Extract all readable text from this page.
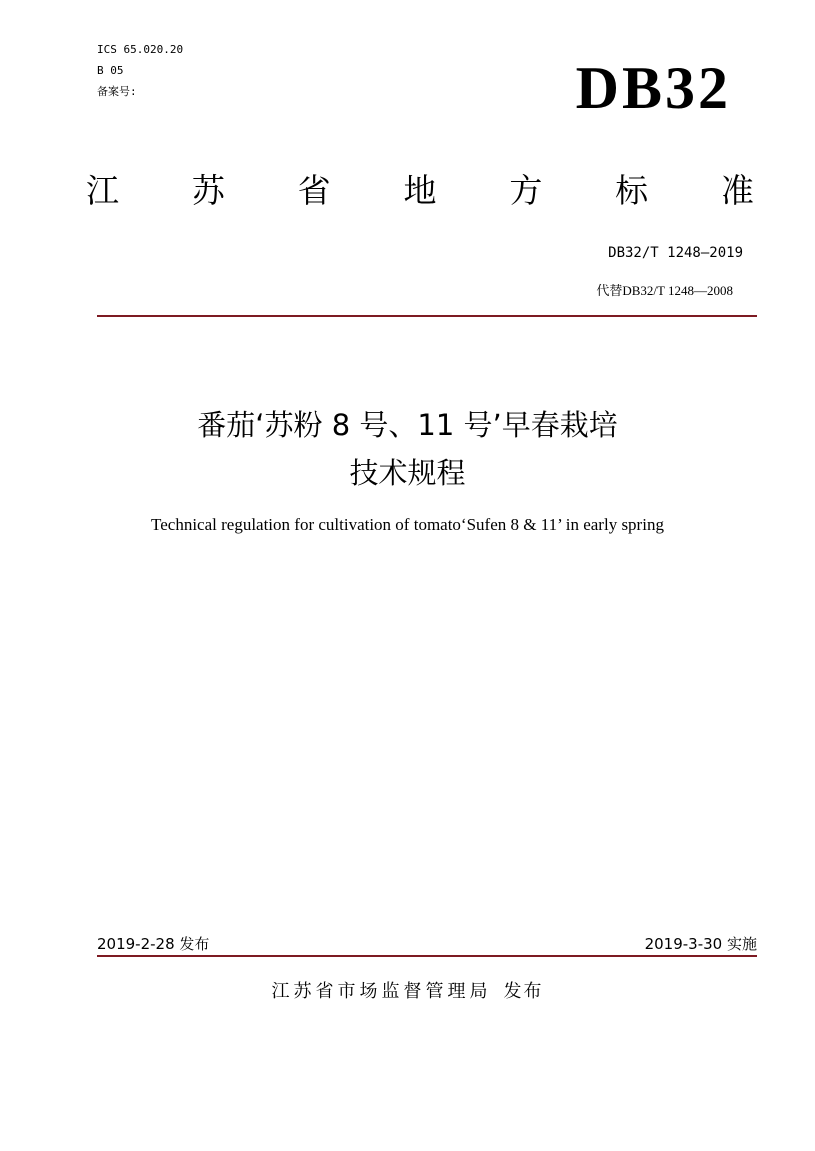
ICS 65.020.20
B 05
备案号:	DB32
江 苏 省 地 方 标 准
DB32/T 1248—2019
代替DB32/T 1248—2008
番茄‘苏粉 8 号、11 号’早春栽培
技术规程
Technical regulation for cultivation of tomato‘Sufen 8 & 11’ in early spring
2019-2-28 发布	2019-3-30 实施
江苏省市场监督管理局 发布
